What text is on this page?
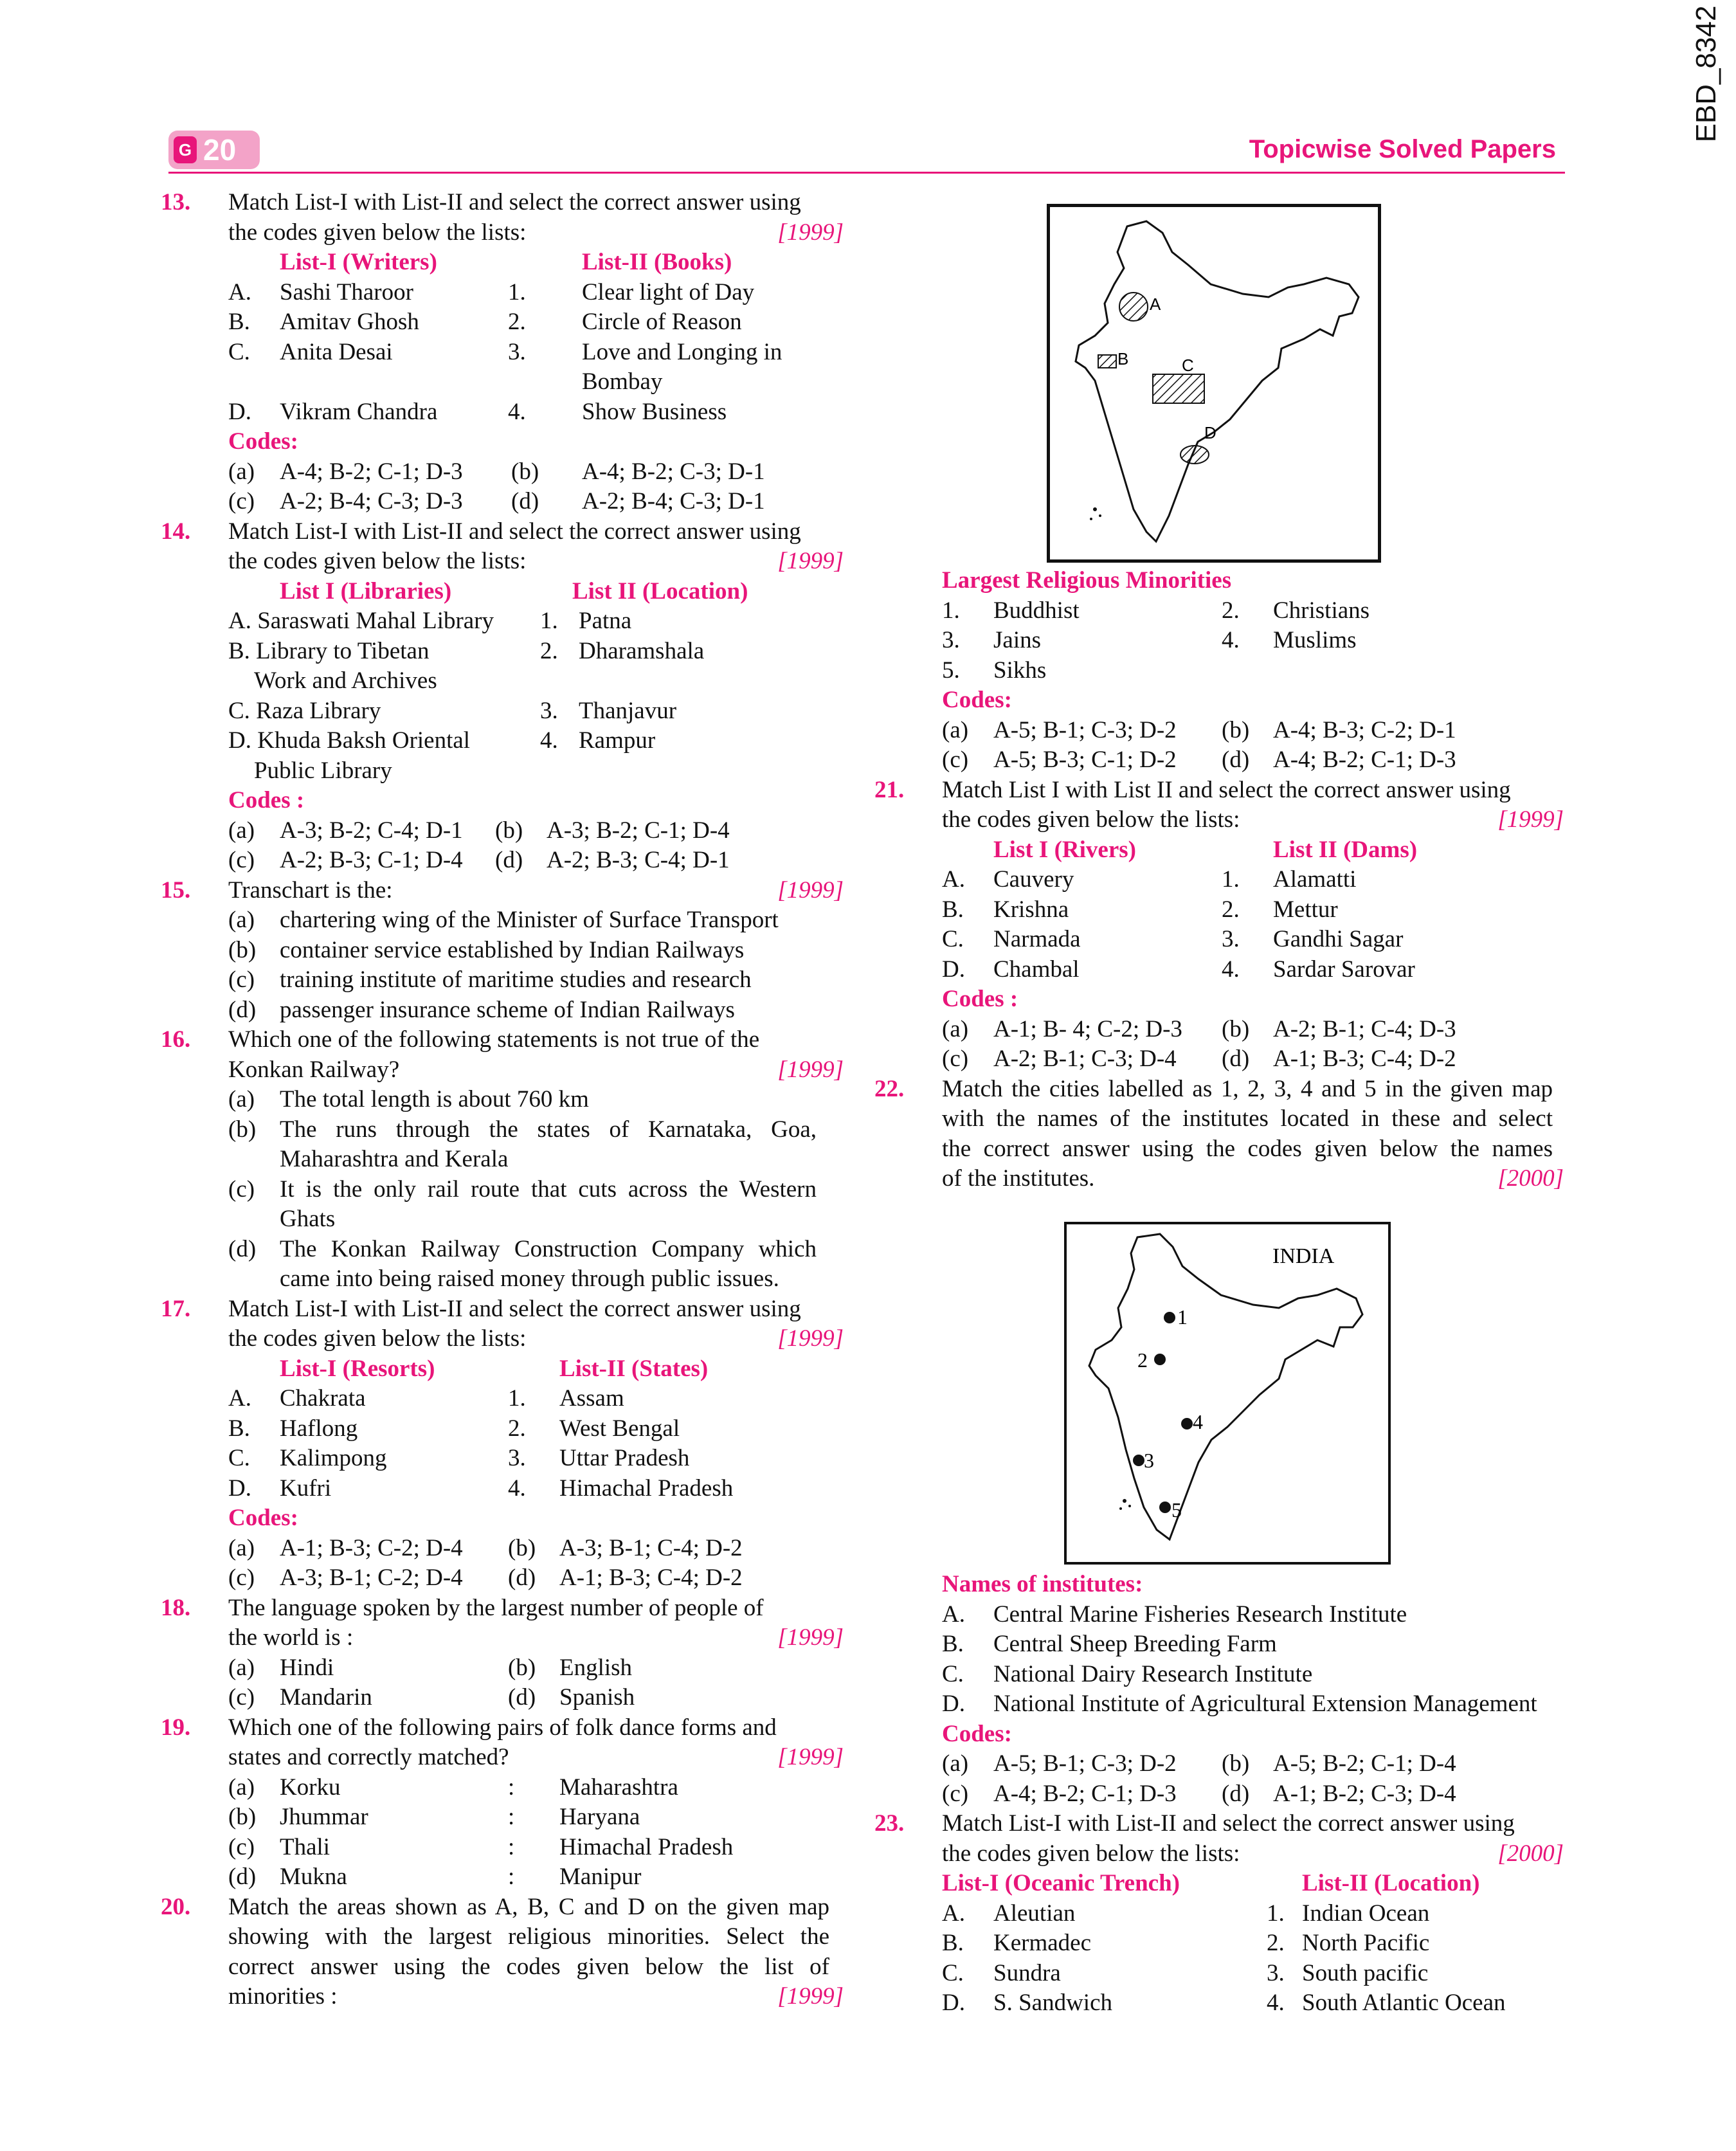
EBD_8342
G 20	Topicwise Solved Papers
13. Match List-I with List-II and select the correct answer using
the codes given below the lists:	[1999]
List-I (Writers)	List-II (Books)
A. Sashi Tharoor	1. Clear light of Day
B. Amitav Ghosh	2. Circle of Reason
C. Anita Desai	3. Love and Longing in
Bombay
D. Vikram Chandra	4. Show Business
Codes:
(a) A-4; B-2; C-1; D-3 (b) A-4; B-2; C-3; D-1
(c) A-2; B-4; C-3; D-3 (d) A-2; B-4; C-3; D-1
14. Match List-I with List-II and select the correct answer using
the codes given below the lists:	[1999]
List I (Libraries)	List II (Location)
A. Saraswati Mahal Library 1. Patna
B. Library to Tibetan	2. Dharamshala
Work and Archives
C. Raza Library	3. Thanjavur
D. Khuda Baksh Oriental	4. Rampur
Public Library
Codes :
(a) A-3; B-2; C-4; D-1 (b) A-3; B-2; C-1; D-4
(c) A-2; B-3; C-1; D-4 (d) A-2; B-3; C-4; D-1
15. Transchart is the:	[1999]
(a) chartering wing of the Minister of Surface Transport
(b) container service established by Indian Railways
(c) training institute of maritime studies and research
(d) passenger insurance scheme of Indian Railways
16. Which one of the following statements is not true of the
Konkan Railway?	[1999]
(a) The total length is about 760 km
(b) The runs through the states of Karnataka, Goa,
Maharashtra and Kerala
(c) It is the only rail route that cuts across the Western
Ghats
(d) The Konkan Railway Construction Company which
came into being raised money through public issues.
17. Match List-I with List-II and select the correct answer using
the codes given below the lists:	[1999]
List-I (Resorts)	List-II (States)
A. Chakrata	1. Assam
B. Haflong	2. West Bengal
C. Kalimpong	3. Uttar Pradesh
D. Kufri	4. Himachal Pradesh
Codes:
(a) A-1; B-3; C-2; D-4 (b) A-3; B-1; C-4; D-2
(c) A-3; B-1; C-2; D-4 (d) A-1; B-3; C-4; D-2
18. The language spoken by the largest number of people of
the world is :	[1999]
(a) Hindi	(b) English
(c) Mandarin	(d) Spanish
19. Which one of the following pairs of folk dance forms and
states and correctly matched?	[1999]
(a) Korku	: Maharashtra
(b) Jhummar	: Haryana
(c) Thali	: Himachal Pradesh
(d) Mukna	: Manipur
20. Match the areas shown as A, B, C and D on the given map
showing with the largest religious minorities. Select the
correct answer using the codes given below the list of
minorities :	[1999]
A
B	C
D
Largest Religious Minorities
1. Buddhist	2. Christians
3. Jains	4. Muslims
5. Sikhs
Codes:
(a) A-5; B-1; C-3; D-2 (b) A-4; B-3; C-2; D-1
(c) A-5; B-3; C-1; D-2 (d) A-4; B-2; C-1; D-3
21. Match List I with List II and select the correct answer using
the codes given below the lists:	[1999]
List I (Rivers)	List II (Dams)
A. Cauvery	1. Alamatti
B. Krishna	2. Mettur
C. Narmada	3. Gandhi Sagar
D. Chambal	4. Sardar Sarovar
Codes :
(a) A-1; B- 4; C-2; D-3 (b) A-2; B-1; C-4; D-3
(c) A-2; B-1; C-3; D-4 (d) A-1; B-3; C-4; D-2
22. Match the cities labelled as 1, 2, 3, 4 and 5 in the given map
with the names of the institutes located in these and select
the correct answer using the codes given below the names
of the institutes.	[2000]
INDIA
1
2
4
3
5
Names of institutes:
A. Central Marine Fisheries Research Institute
B. Central Sheep Breeding Farm
C. National Dairy Research Institute
D. National Institute of Agricultural Extension Management
Codes:
(a) A-5; B-1; C-3; D-2 (b) A-5; B-2; C-1; D-4
(c) A-4; B-2; C-1; D-3 (d) A-1; B-2; C-3; D-4
23. Match List-I with List-II and select the correct answer using
the codes given below the lists:	[2000]
List-I (Oceanic Trench)	List-II (Location)
A. Aleutian	1. Indian Ocean
B. Kermadec	2. North Pacific
C. Sundra	3. South pacific
D. S. Sandwich	4. South Atlantic Ocean
